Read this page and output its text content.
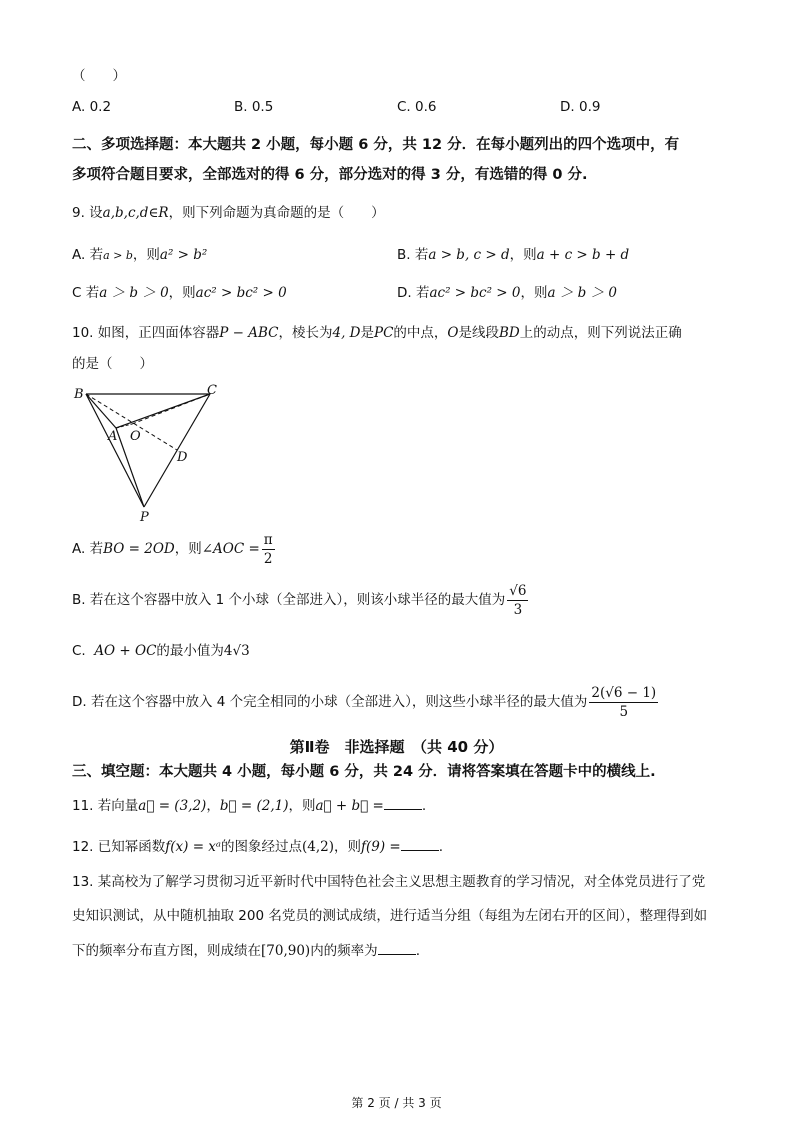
（　　）
A. 0.2	B. 0.5	C. 0.6	D. 0.9
二、多项选择题：本大题共 2 小题，每小题 6 分，共 12 分．在每小题列出的四个选项中，有
多项符合题目要求，全部选对的得 6 分，部分选对的得 3 分，有选错的得 0 分.
9. 设a,b,c,d∈R，则下列命题为真命题的是（　　）
A. 若a > b，则a² > b²	B. 若a > b, c > d，则a + c > b + d
C 若a ＞ b ＞ 0，则ac² > bc² > 0	D. 若ac² > bc² > 0，则a ＞ b ＞ 0
10. 如图，正四面体容器P − ABC，棱长为4, D是PC的中点，O是线段BD上的动点，则下列说法正确
的是（　　）
B	C
A O
D
P
A. 若BO = 2OD，则∠AOC = $\frac{\pi}{2}$
B. 若在这个容器中放入 1 个小球（全部进入），则该小球半径的最大值为 $\frac{√6}{3}$
C. AO + OC的最小值为4√3
D. 若在这个容器中放入 4 个完全相同的小球（全部进入），则这些小球半径的最大值为 $\frac{2(√6 - 1)}{5}$
第Ⅱ卷　非选择题　（共 40 分）
三、填空题：本大题共 4 小题，每小题 6 分，共 24 分．请将答案填在答题卡中的横线上.
11. 若向量a⃗ = (3,2)，b⃗ = (2,1)，则a⃗ + b⃗ =	.
12. 已知幂函数f(x) = xᵃ的图象经过点(4,2)，则f(9) =	.
13. 某高校为了解学习贯彻习近平新时代中国特色社会主义思想主题教育的学习情况，对全体党员进行了党
史知识测试，从中随机抽取 200 名党员的测试成绩，进行适当分组（每组为左闭右开的区间），整理得到如
下的频率分布直方图，则成绩在[70,90)内的频率为	.
第 2 页 / 共 3 页
